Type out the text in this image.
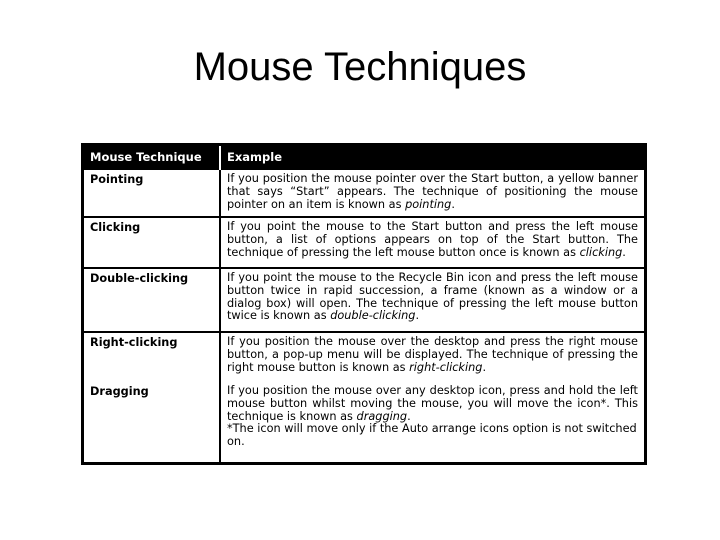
Mouse Techniques
Mouse Technique	Example
Pointing	If you position the mouse pointer over the Start button, a yellow banner that says “Start” appears. The technique of positioning the mouse pointer on an item is known as pointing.
Clicking	If you point the mouse to the Start button and press the left mouse button, a list of options appears on top of the Start button. The technique of pressing the left mouse button once is known as clicking.
Double-clicking	If you point the mouse to the Recycle Bin icon and press the left mouse button twice in rapid succession, a frame (known as a window or a dialog box) will open. The technique of pressing the left mouse button twice is known as double-clicking.
Right-clicking	If you position the mouse over the desktop and press the right mouse button, a pop-up menu will be displayed. The technique of pressing the right mouse button is known as right-clicking.
Dragging	If you position the mouse over any desktop icon, press and hold the left mouse button whilst moving the mouse, you will move the icon*. This technique is known as dragging.
*The icon will move only if the Auto arrange icons option is not switched on.
